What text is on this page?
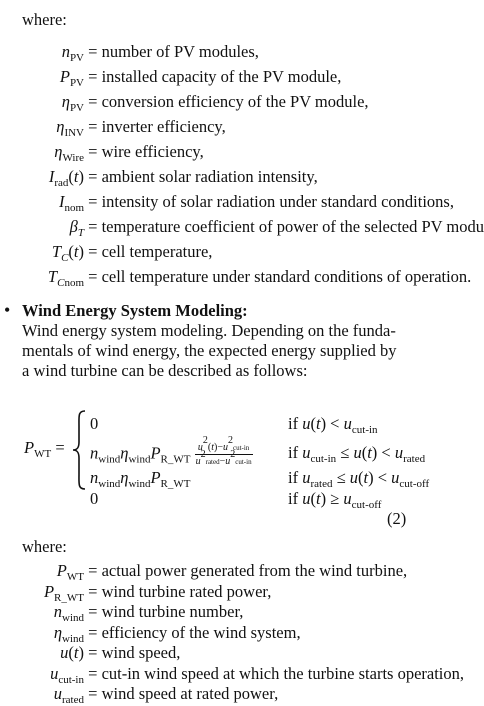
where:
$n_{PV}$ = number of PV modules,
$P_{PV}$ = installed capacity of the PV module,
$\eta_{PV}$ = conversion efficiency of the PV module,
$\eta_{INV}$ = inverter efficiency,
$\eta_{Wire}$ = wire efficiency,
$I_{rad}(t)$ = ambient solar radiation intensity,
$I_{nom}$ = intensity of solar radiation under standard conditions,
$\beta_T$ = temperature coefficient of power of the selected PV modu
$T_C(t)$ = cell temperature,
$T_{Cnom}$ = cell temperature under standard conditions of operation.
• Wind Energy System Modeling:
Wind energy system modeling. Depending on the funda-
mentals of wind energy, the expected energy supplied by
a wind turbine can be described as follows:
$P_{WT}$ =
0	if $u(t) < u_{cut-in}$
$n_{wind}\eta_{wind}P_{R\_WT} \frac{\text{u2(t)−u2cut-in}}{\text{u2rated−u2cut-in}}$ if $u_{cut-in} \le u(t) < u_{rated}$
$n_{wind}\eta_{wind}P_{R\_WT}$	if $u_{rated} \le u(t) < u_{cut-off}$
0	if $u(t) \ge u_{cut-off}$
(2)
where:
$P_{WT}$ = actual power generated from the wind turbine,
$P_{R\_WT}$ = wind turbine rated power,
$n_{wind}$ = wind turbine number,
$\eta_{wind}$ = efficiency of the wind system,
u(t) = wind speed,
$u_{cut-in} = cut-in$ wind speed at which the turbine starts operation,
$u_{rated}$ = wind speed at rated power,
